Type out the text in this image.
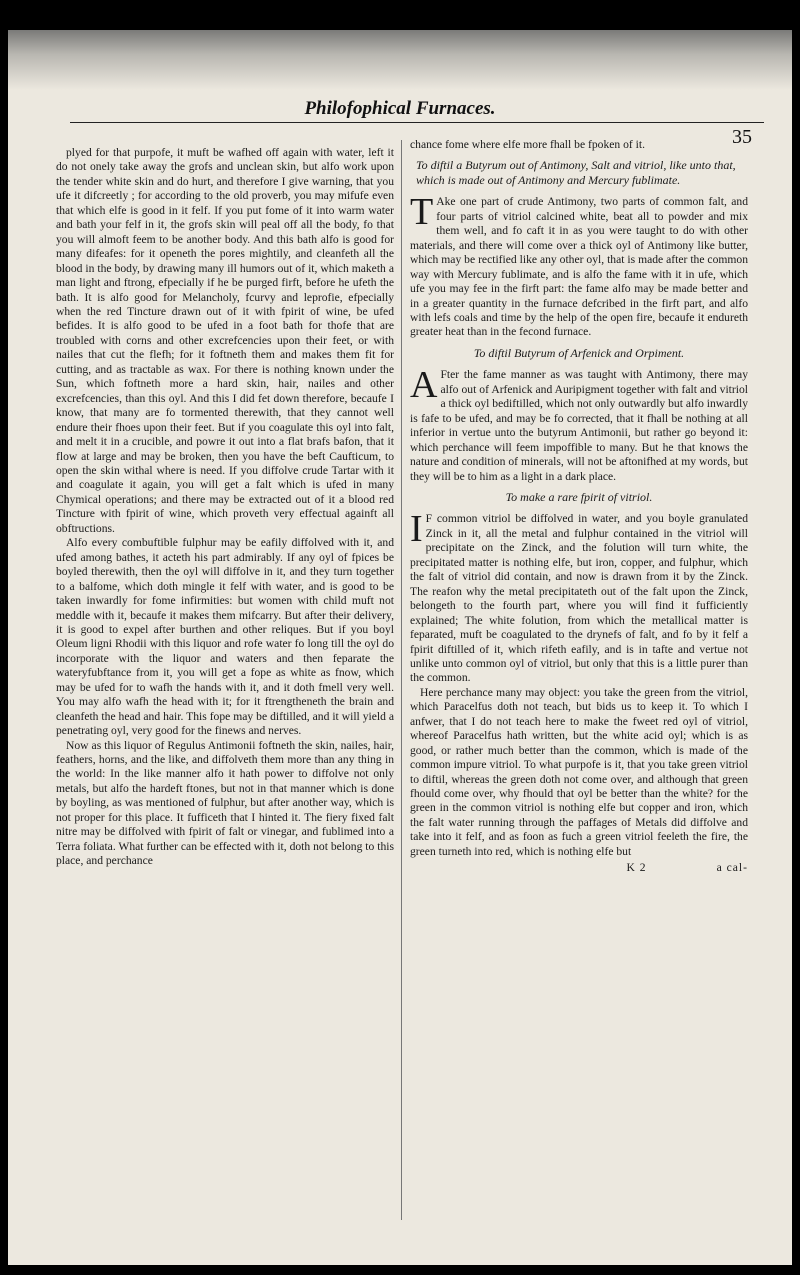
Philofophical Furnaces.
35

plyed for that purpofe, it muft be wafhed off again with water, left it do not onely take away the grofs and unclean skin, but alfo work upon the tender white skin and do hurt, and therefore I give warning, that you ufe it difcreetly ; for according to the old proverb, you may mifufe even that which elfe is good in it felf. If you put fome of it into warm water and bath your felf in it, the grofs skin will peal off all the body, fo that you will almoft feem to be another body. And this bath alfo is good for many difeafes: for it openeth the pores mightily, and cleanfeth all the blood in the body, by drawing many ill humors out of it, which maketh a man light and ftrong, efpecially if he be purged firft, before he ufeth the bath. It is alfo good for Melancholy, fcurvy and leprofie, efpecially when the red Tincture drawn out of it with fpirit of wine, be ufed befides. It is alfo good to be ufed in a foot bath for thofe that are troubled with corns and other excrefcencies upon their feet, or with nailes that cut the flefh; for it foftneth them and makes them fit for cutting, and as tractable as wax. For there is nothing known under the Sun, which foftneth more a hard skin, hair, nailes and other excrefcencies, than this oyl. And this I did fet down therefore, becaufe I know, that many are fo tormented therewith, that they cannot well endure their fhoes upon their feet. But if you coagulate this oyl into falt, and melt it in a crucible, and powre it out into a flat brafs bafon, that it flow at large and may be broken, then you have the beft Caufticum, to open the skin withal where is need. If you diffolve crude Tartar with it and coagulate it again, you will get a falt which is ufed in many Chymical operations; and there may be extracted out of it a blood red Tincture with fpirit of wine, which proveth very effectual againft all obftructions.

Alfo every combuftible fulphur may be eafily diffolved with it, and ufed among bathes, it acteth his part admirably. If any oyl of fpices be boyled therewith, then the oyl will diffolve in it, and they turn together to a balfome, which doth mingle it felf with water, and is good to be taken inwardly for fome infirmities: but women with child muft not meddle with it, becaufe it makes them mifcarry. But after their delivery, it is good to expel after burthen and other reliques. But if you boyl Oleum ligni Rhodii with this liquor and rofe water fo long till the oyl do incorporate with the liquor and waters and then feparate the wateryfubftance from it, you will get a fope as white as fnow, which may be ufed for to wafh the hands with it, and it doth fmell very well. You may alfo wafh the head with it; for it ftrengtheneth the brain and cleanfeth the head and hair. This fope may be diftilled, and it will yield a penetrating oyl, very good for the finews and nerves.

Now as this liquor of Regulus Antimonii foftneth the skin, nailes, hair, feathers, horns, and the like, and diffolveth them more than any thing in the world: In the like manner alfo it hath power to diffolve not only metals, but alfo the hardeft ftones, but not in that manner which is done by boyling, as was mentioned of fulphur, but after another way, which is not proper for this place. It fufficeth that I hinted it. The fiery fixed falt nitre may be diffolved with fpirit of falt or vinegar, and fublimed into a Terra foliata. What further can be effected with it, doth not belong to this place, and perchance

chance fome where elfe more fhall be fpoken of it.

To diftil a Butyrum out of Antimony, Salt and vitriol, like unto that, which is made out of Antimony and Mercury fublimate.

T Ake one part of crude Antimony, two parts of common falt, and four parts of vitriol calcined white, beat all to powder and mix them well, and fo caft it in as you were taught to do with other materials, and there will come over a thick oyl of Antimony like butter, which may be rectified like any other oyl, that is made after the common way with Mercury fublimate, and is alfo the fame with it in ufe, which ufe you may fee in the firft part: the fame alfo may be made better and in a greater quantity in the furnace defcribed in the firft part, and alfo with lefs coals and time by the help of the open fire, becaufe it endureth greater heat than in the fecond furnace.

To diftil Butyrum of Arfenick and Orpiment.

A Fter the fame manner as was taught with Antimony, there may alfo out of Arfenick and Auripigment together with falt and vitriol a thick oyl bediftilled, which not only outwardly but alfo inwardly is fafe to be ufed, and may be fo corrected, that it fhall be nothing at all inferior in vertue unto the butyrum Antimonii, but rather go beyond it: which perchance will feem impoffible to many. But he that knows the nature and condition of minerals, will not be aftonifhed at my words, but they will be to him as a light in a dark place.

To make a rare fpirit of vitriol.

I F common vitriol be diffolved in water, and you boyle granulated Zinck in it, all the metal and fulphur contained in the vitriol will precipitate on the Zinck, and the folution will turn white, the precipitated matter is nothing elfe, but iron, copper, and fulphur, which the falt of vitriol did contain, and now is drawn from it by the Zinck. The reafon why the metal precipitateth out of the falt upon the Zinck, belongeth to the fourth part, where you will find it fufficiently explained; The white folution, from which the metallical matter is feparated, muft be coagulated to the drynefs of falt, and fo by it felf a fpirit diftilled of it, which rifeth eafily, and is in tafte and vertue not unlike unto common oyl of vitriol, but only that this is a little purer than the common.

Here perchance many may object: you take the green from the vitriol, which Paracelfus doth not teach, but bids us to keep it. To which I anfwer, that I do not teach here to make the fweet red oyl of vitriol, whereof Paracelfus hath written, but the white acid oyl; which is as good, or rather much better than the common, which is made of the common impure vitriol. To what purpofe is it, that you take green vitriol to diftil, whereas the green doth not come over, and although that green fhould come over, why fhould that oyl be better than the white? for the green in the common vitriol is nothing elfe but copper and iron, which the falt water running through the paffages of Metals did diffolve and take into it felf, and as foon as fuch a green vitriol feeleth the fire, the green turneth into red, which is nothing elfe but

K 2	a cal-
